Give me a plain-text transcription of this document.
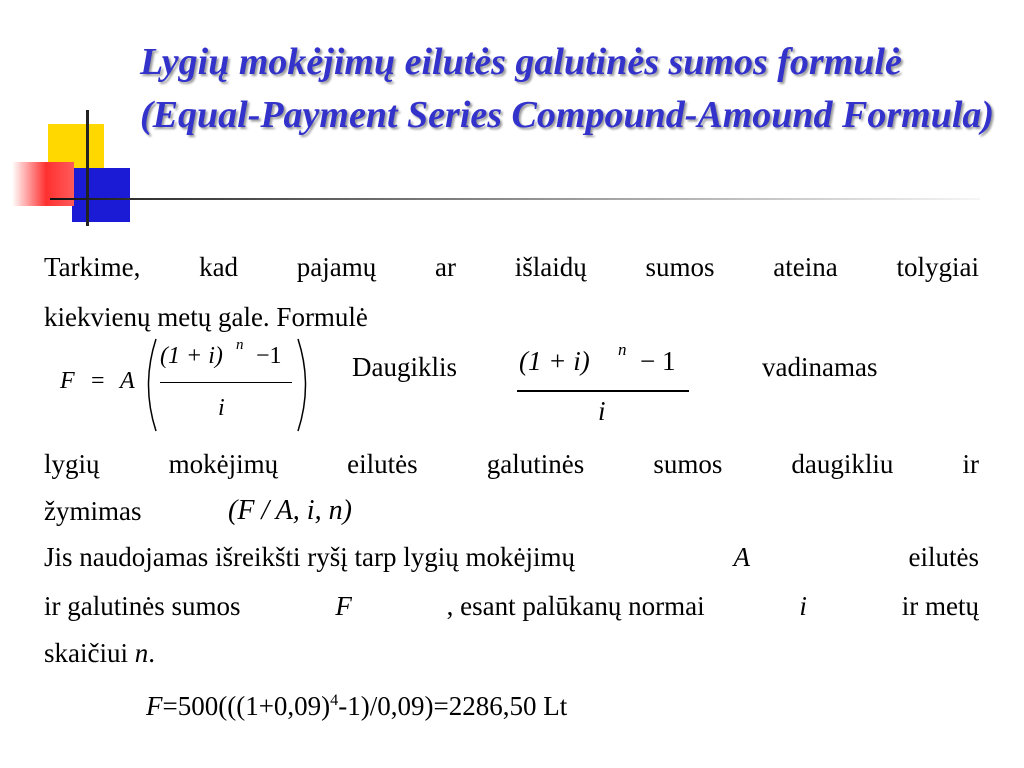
Lygių mokėjimų eilutės galutinės sumos formulė (Equal-Payment Series Compound-Amound Formula)

Tarkime, kad pajamų ar išlaidų sumos ateina tolygiai

kiekvienų metų gale. Formulė

F = A
(1 + i) n −1
i
Daugiklis	(1 + i) n − 1
i
vadinamas

lygių mokėjimų eilutės galutinės sumos daugikliu ir

žymimas	(F / A, i, n)

Jis naudojamas išreikšti ryšį tarp lygių mokėjimų	A	eilutės

ir galutinės sumos	F	, esant palūkanų normai	i	ir metų

skaičiui n.

$F=500(((1+0,09)^4-1)/0,09)=2286,50$ Lt
